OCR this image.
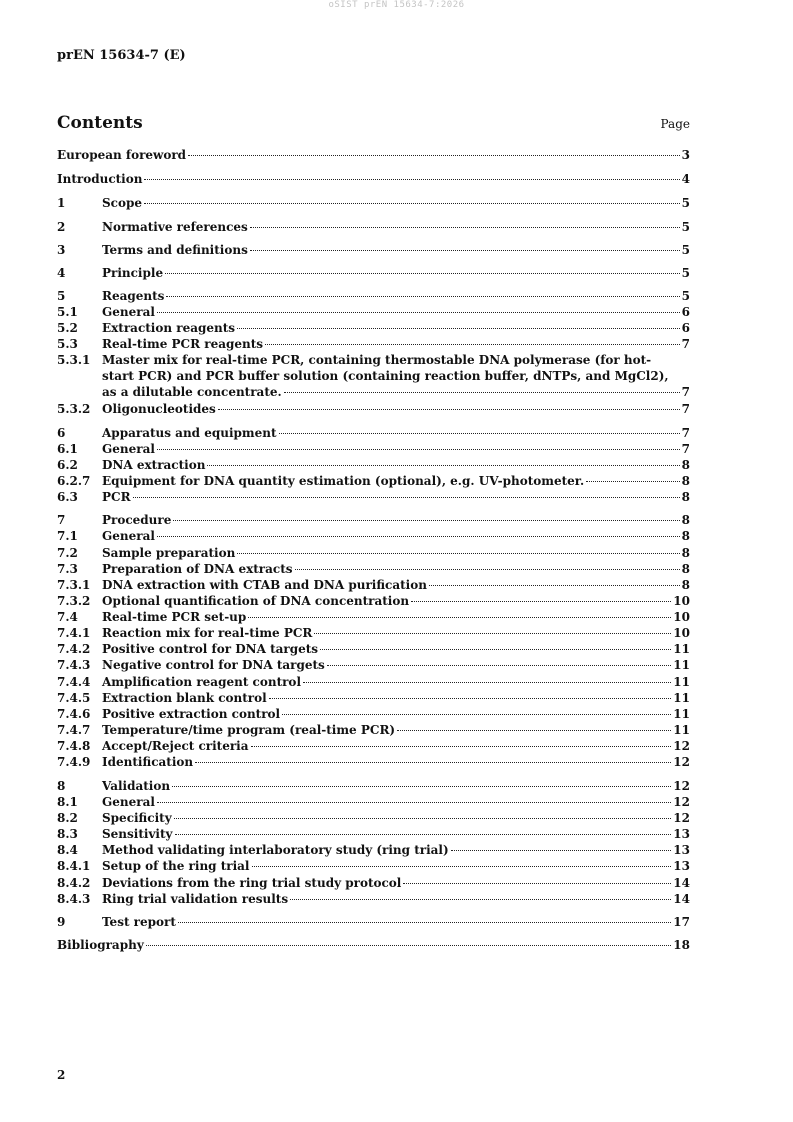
oSIST prEN 15634-7:2026
prEN 15634-7 (E)
Contents	Page
European foreword	3
Introduction	4
1	Scope	5
2	Normative references	5
3	Terms and definitions	5
4	Principle	5
5	Reagents	5
5.1 General	6
5.2 Extraction reagents	6
5.3 Real-time PCR reagents	7
5.3.1 Master mix for real-time PCR, containing thermostable DNA polymerase (for hot-
start PCR) and PCR buffer solution (containing reaction buffer, dNTPs, and MgCl2),
as a dilutable concentrate.	7
5.3.2 Oligonucleotides	7
6	Apparatus and equipment	7
6.1 General	7
6.2 DNA extraction	8
6.2.7 Equipment for DNA quantity estimation (optional), e.g. UV-photometer.	8
6.3 PCR	8
7	Procedure	8
7.1 General	8
7.2 Sample preparation	8
7.3 Preparation of DNA extracts	8
7.3.1 DNA extraction with CTAB and DNA purification	8
7.3.2 Optional quantification of DNA concentration	10
7.4 Real-time PCR set-up	10
7.4.1 Reaction mix for real-time PCR	10
7.4.2 Positive control for DNA targets	11
7.4.3 Negative control for DNA targets	11
7.4.4 Amplification reagent control	11
7.4.5 Extraction blank control	11
7.4.6 Positive extraction control	11
7.4.7 Temperature/time program (real-time PCR)	11
7.4.8 Accept/Reject criteria	12
7.4.9 Identification	12
8	Validation	12
8.1 General	12
8.2 Specificity	12
8.3 Sensitivity	13
8.4 Method validating interlaboratory study (ring trial)	13
8.4.1 Setup of the ring trial	13
8.4.2 Deviations from the ring trial study protocol	14
8.4.3 Ring trial validation results	14
9	Test report	17
Bibliography	18
2
